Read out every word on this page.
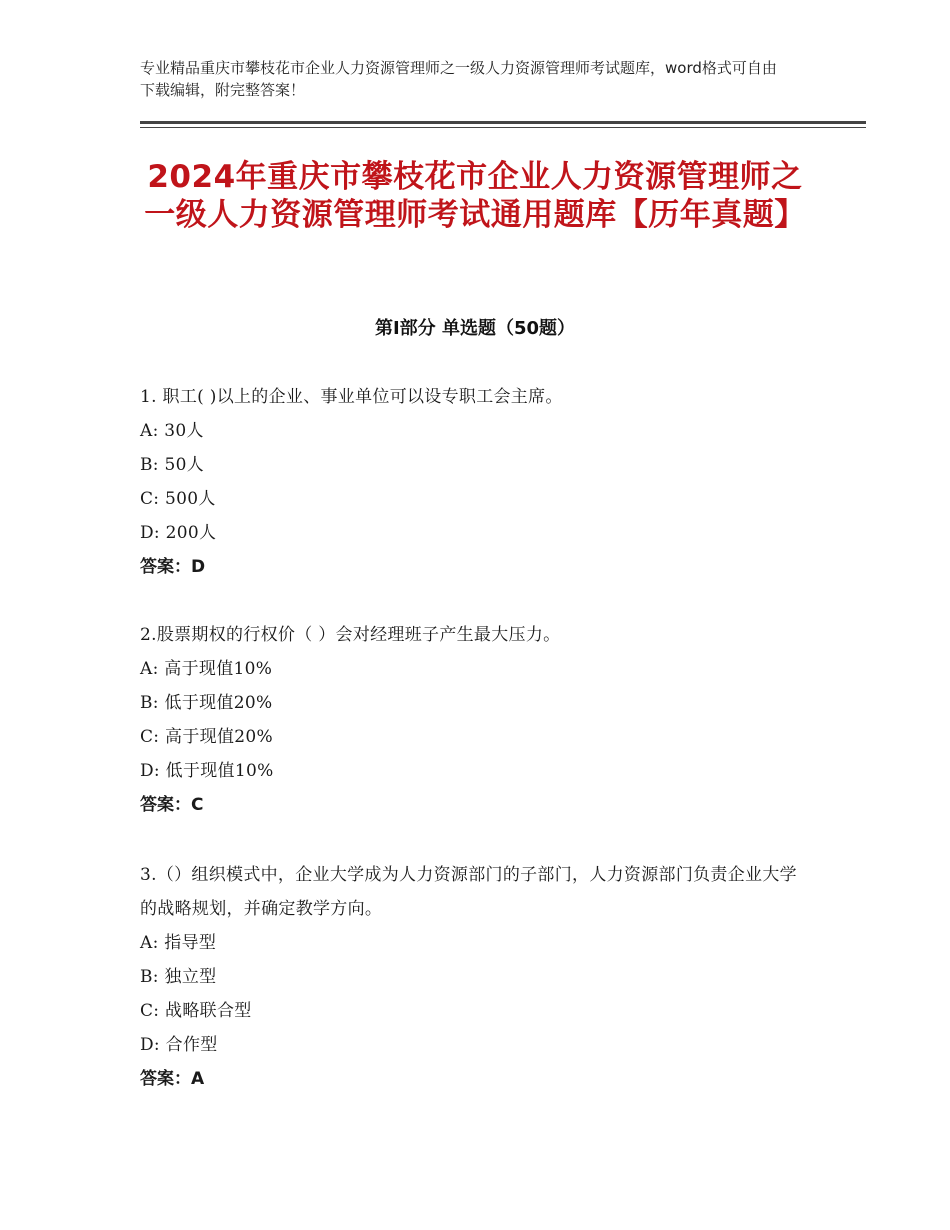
专业精品重庆市攀枝花市企业人力资源管理师之一级人力资源管理师考试题库，word格式可自由下载编辑，附完整答案！
2024年重庆市攀枝花市企业人力资源管理师之一级人力资源管理师考试通用题库【历年真题】
第Ⅰ部分 单选题（50题）

1. 职工( )以上的企业、事业单位可以设专职工会主席。

A: 30人

B: 50人

C: 500人

D: 200人

答案：D

2.股票期权的行权价（ ）会对经理班子产生最大压力。

A: 高于现值10%

B: 低于现值20%

C: 高于现值20%

D: 低于现值10%

答案：C

3.（）组织模式中，企业大学成为人力资源部门的子部门，人力资源部门负责企业大学的战略规划，并确定教学方向。

A: 指导型

B: 独立型

C: 战略联合型

D: 合作型

答案：A
